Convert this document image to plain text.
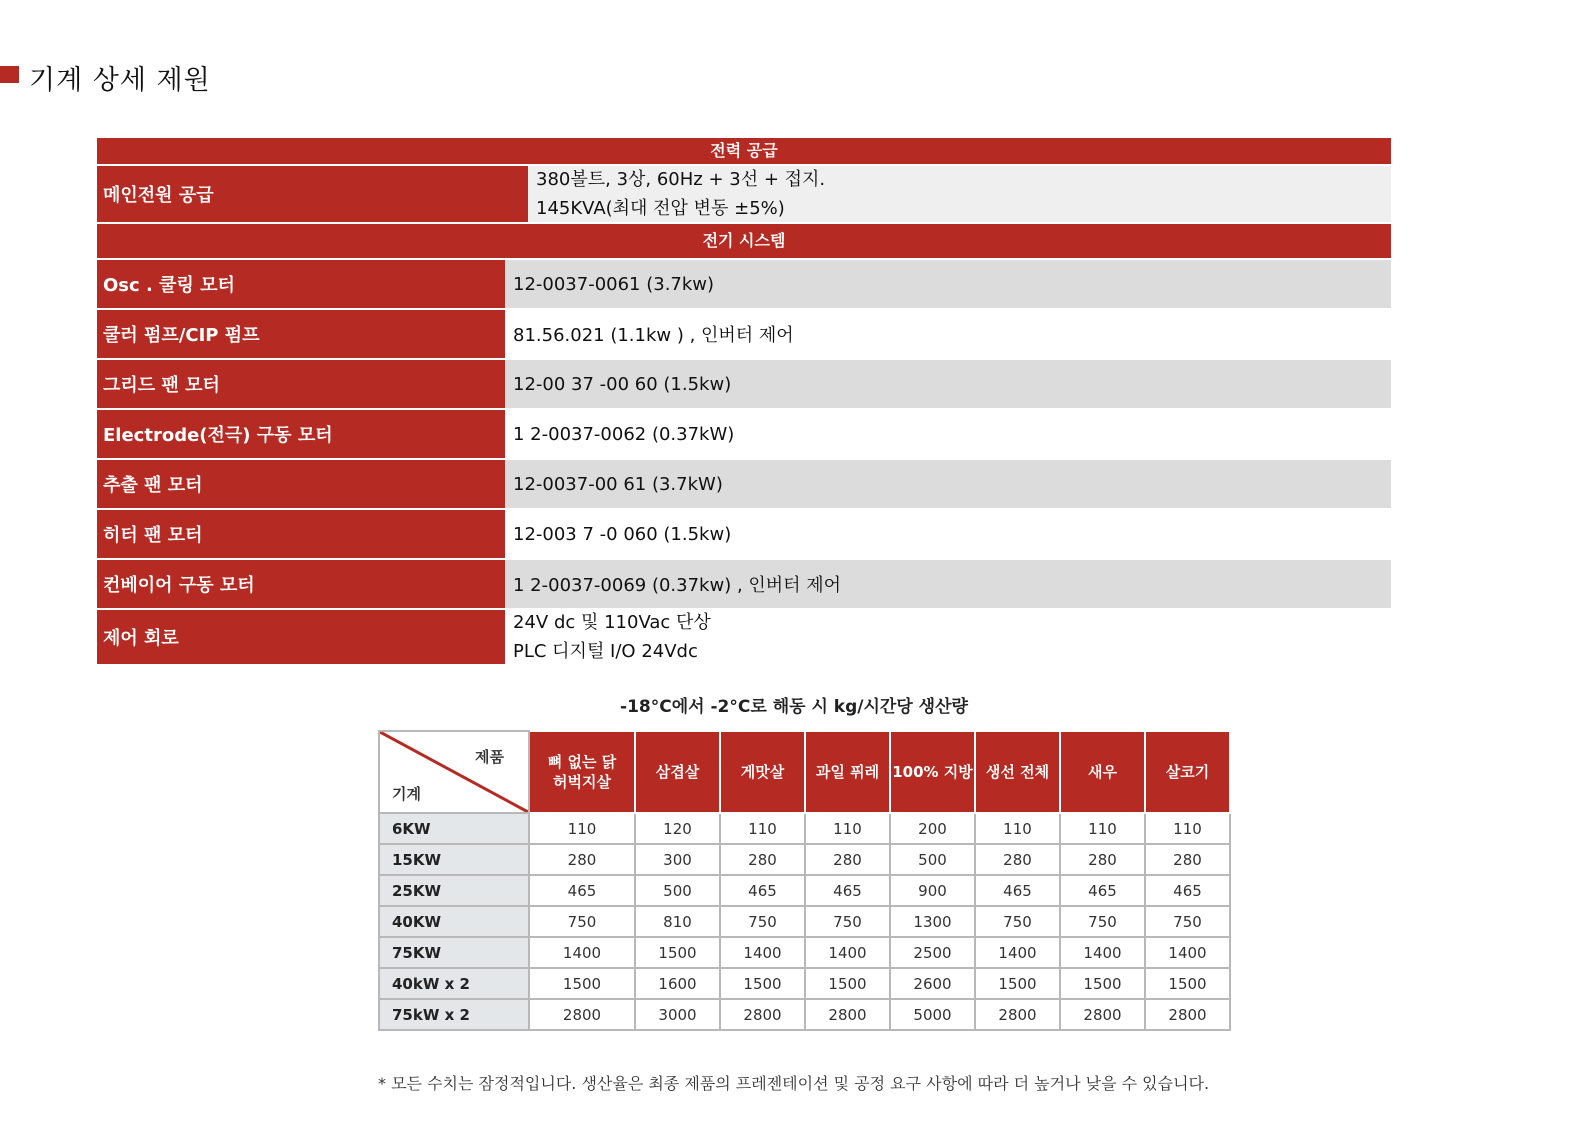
기계 상세 제원
전력 공급
메인전원 공급
380볼트, 3상, 60Hz + 3선 + 접지.
145KVA(최대 전압 변동 ±5%)
전기 시스템
Osc . 쿨링 모터	12-0037-0061 (3.7kw)
쿨러 펌프/CIP 펌프	81.56.021 (1.1kw ) , 인버터 제어
그리드 팬 모터	12-00 37 -00 60 (1.5kw)
Electrode(전극) 구동 모터	1 2-0037-0062 (0.37kW)
추출 팬 모터	12-0037-00 61 (3.7kW)
히터 팬 모터	12-003 7 -0 060 (1.5kw)
컨베이어 구동 모터	1 2-0037-0069 (0.37kw) , 인버터 제어
제어 회로
24V dc 및 110Vac 단상
PLC 디지털 I/O 24Vdc
-18°C에서 -2°C로 해동 시 kg/시간당 생산량
제품
기계	뼈 없는 닭 허벅지살	삼겹살	게맛살	과일 퓌레	100% 지방	생선 전체	새우	살코기
6KW	110	120	110	110	200	110	110	110
15KW	280	300	280	280	500	280	280	280
25KW	465	500	465	465	900	465	465	465
40KW	750	810	750	750	1300	750	750	750
75KW	1400	1500	1400	1400	2500	1400	1400	1400
40kW x 2	1500	1600	1500	1500	2600	1500	1500	1500
75kW x 2	2800	3000	2800	2800	5000	2800	2800	2800
* 모든 수치는 잠정적입니다. 생산율은 최종 제품의 프레젠테이션 및 공정 요구 사항에 따라 더 높거나 낮을 수 있습니다.
